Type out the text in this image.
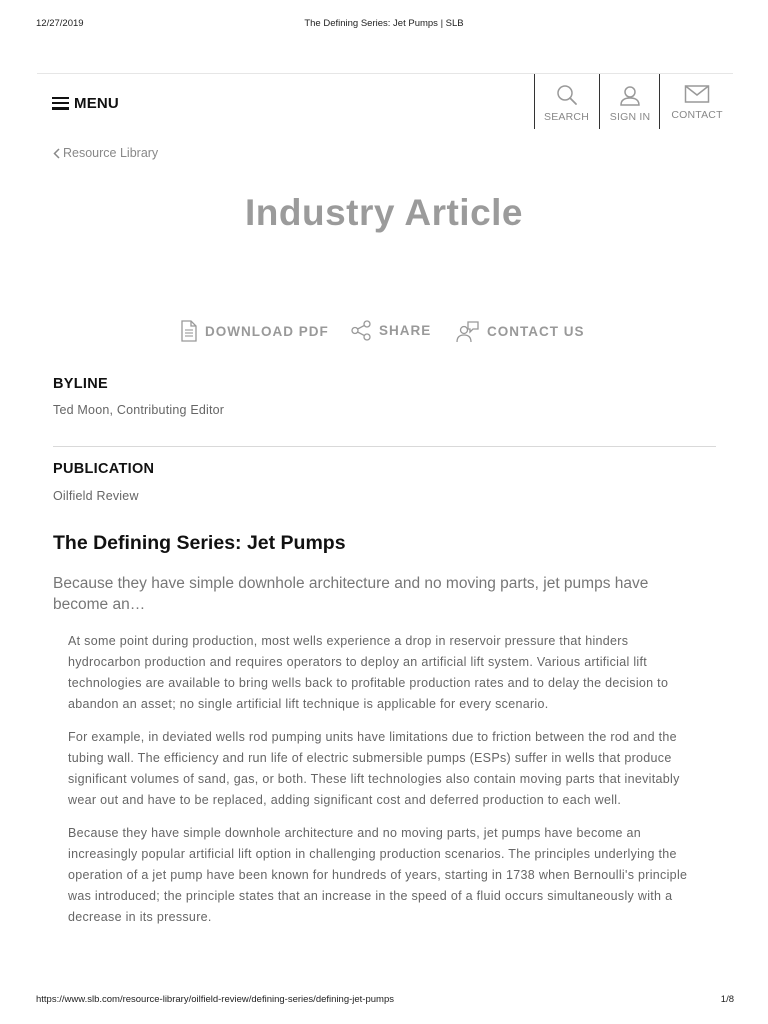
12/27/2019	The Defining Series: Jet Pumps | SLB
MENU
SEARCH SIGN IN CONTACT
Resource Library
Industry Article
DOWNLOAD PDF	SHARE	CONTACT US
BYLINE
Ted Moon, Contributing Editor
PUBLICATION
Oilfield Review
The Defining Series: Jet Pumps
Because they have simple downhole architecture and no moving parts, jet pumps have become an…

At some point during production, most wells experience a drop in reservoir pressure that hinders hydrocarbon production and requires operators to deploy an artificial lift system. Various artificial lift technologies are available to bring wells back to profitable production rates and to delay the decision to abandon an asset; no single artificial lift technique is applicable for every scenario.

For example, in deviated wells rod pumping units have limitations due to friction between the rod and the tubing wall. The efficiency and run life of electric submersible pumps (ESPs) suffer in wells that produce significant volumes of sand, gas, or both. These lift technologies also contain moving parts that inevitably wear out and have to be replaced, adding significant cost and deferred production to each well.

Because they have simple downhole architecture and no moving parts, jet pumps have become an increasingly popular artificial lift option in challenging production scenarios. The principles underlying the operation of a jet pump have been known for hundreds of years, starting in 1738 when Bernoulli's principle was introduced; the principle states that an increase in the speed of a fluid occurs simultaneously with a decrease in its pressure.

https://www.slb.com/resource-library/oilfield-review/defining-series/defining-jet-pumps	1/8
